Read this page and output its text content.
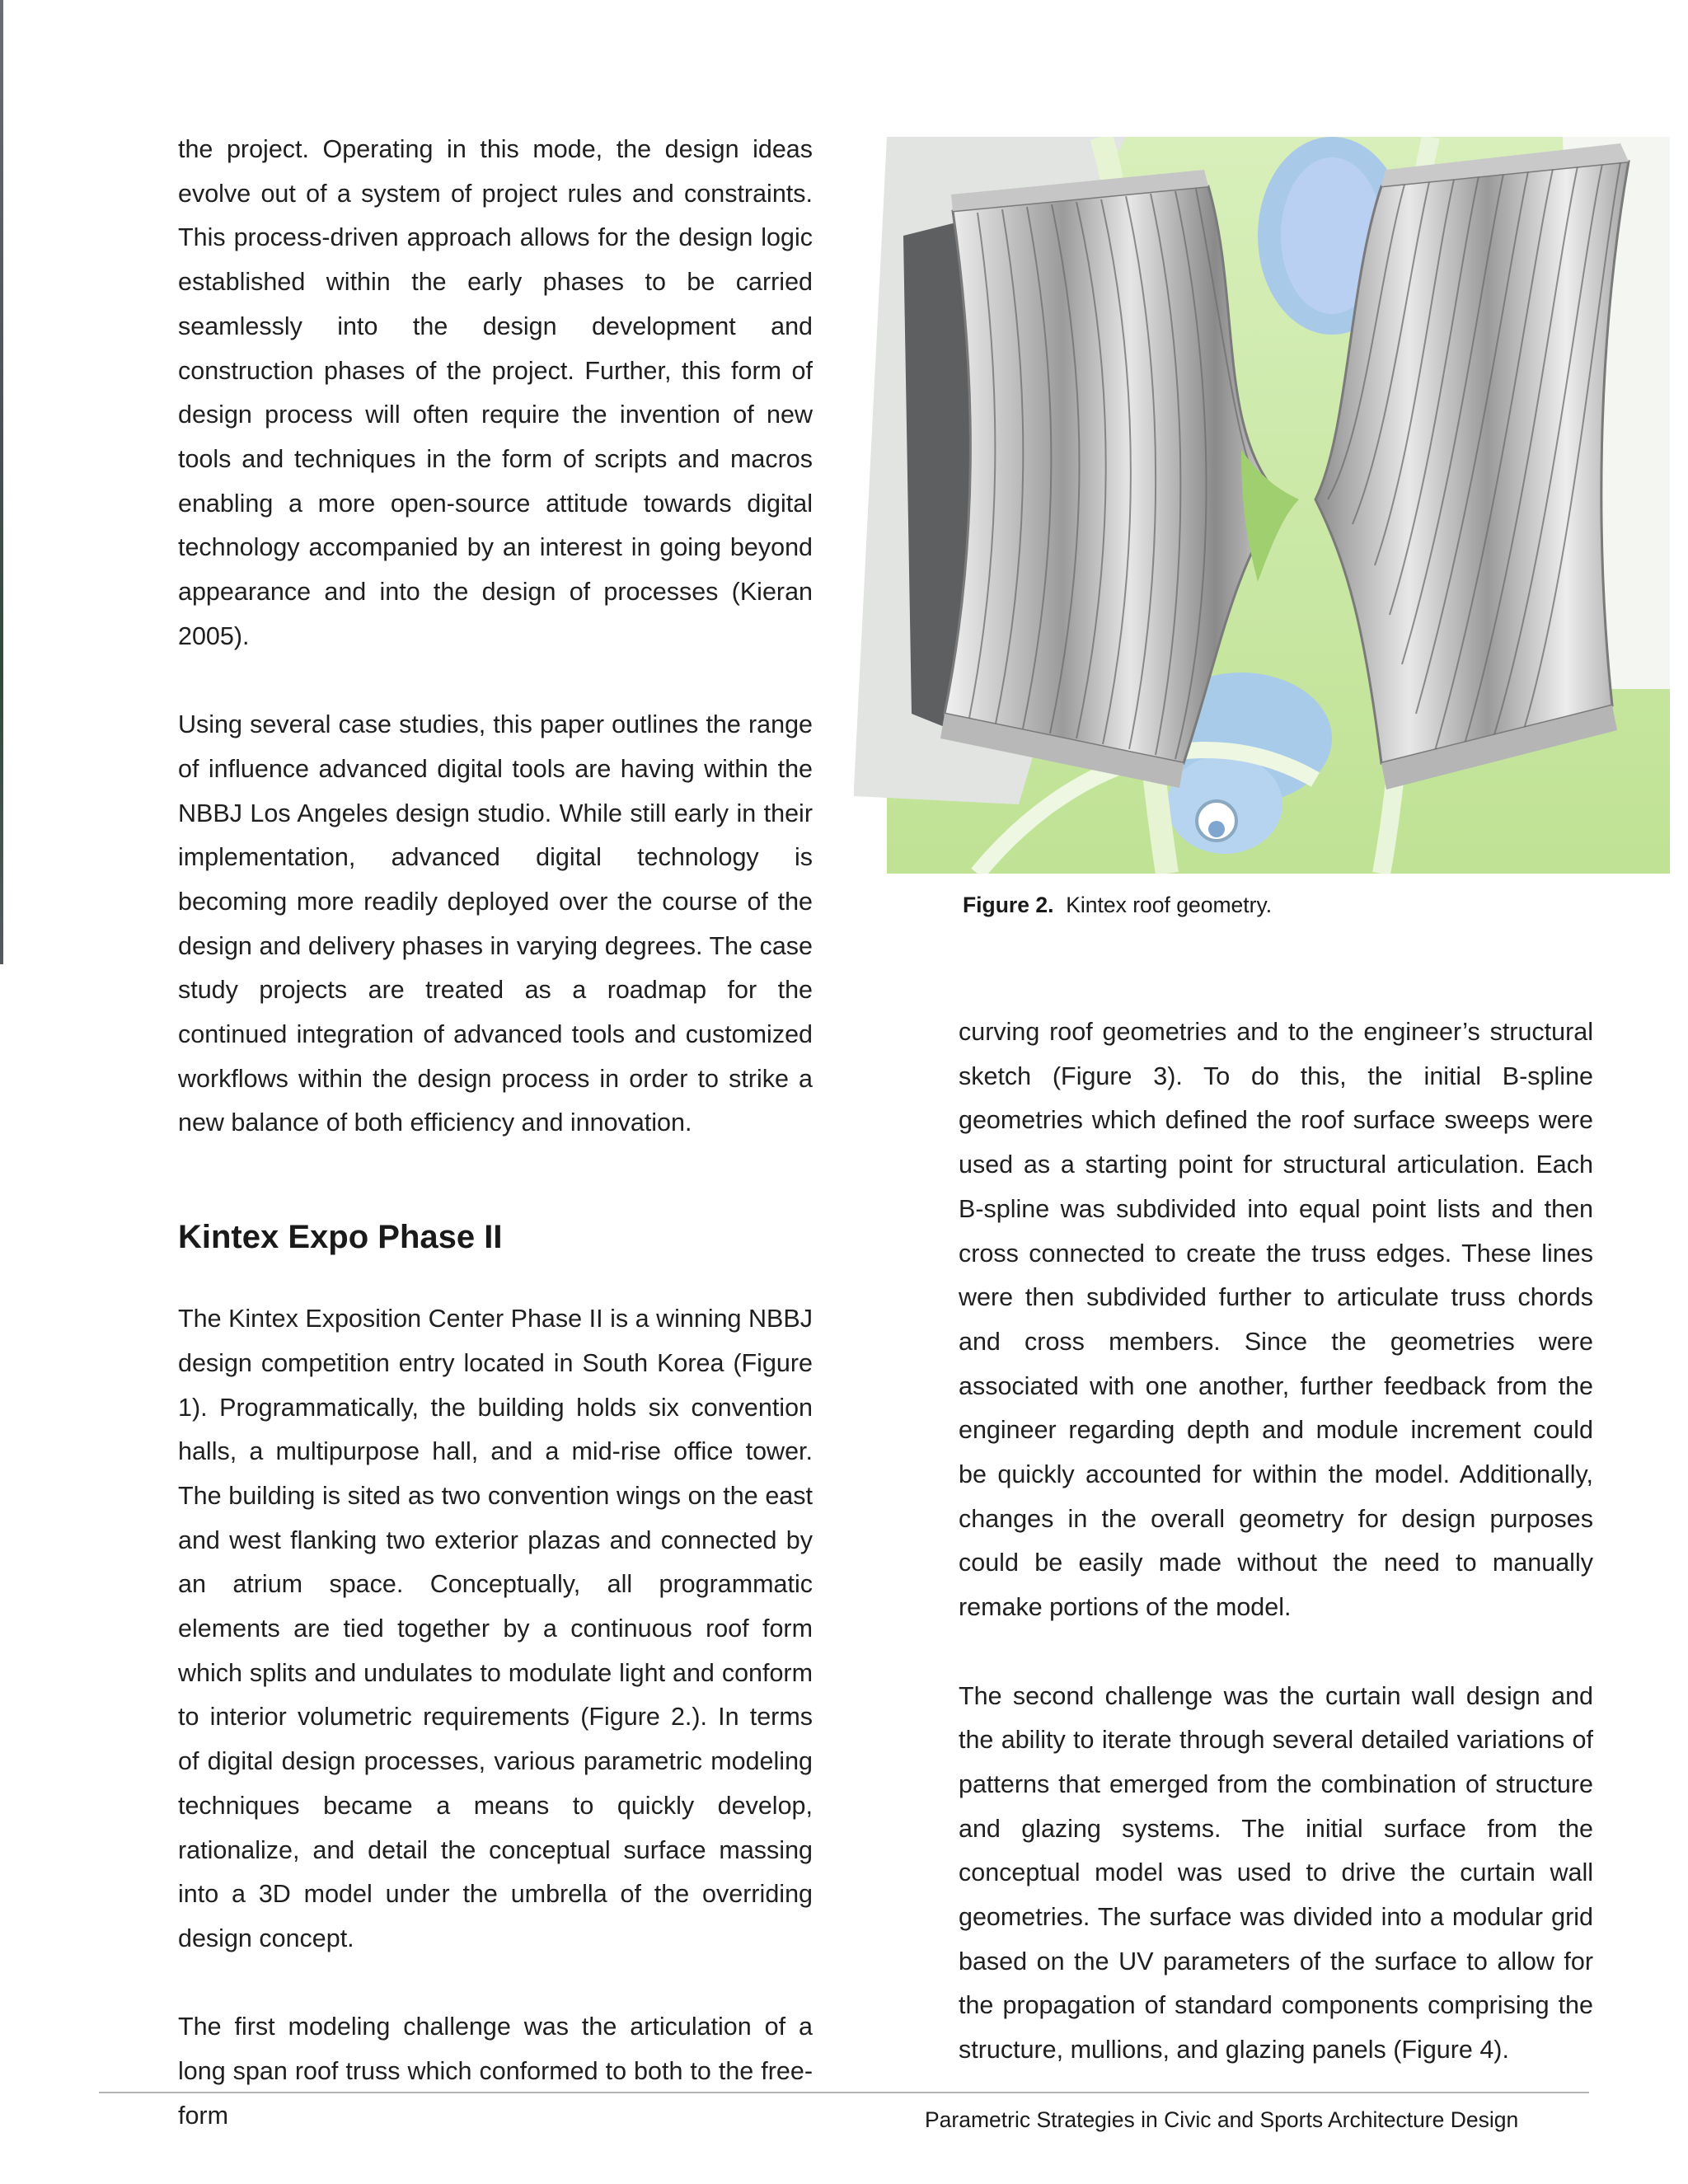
the project. Operating in this mode, the design ideas evolve out of a system of project rules and constraints. This process-driven approach allows for the design logic established within the early phases to be carried seamlessly into the design development and construction phases of the project. Further, this form of design process will often require the invention of new tools and techniques in the form of scripts and macros enabling a more open-source attitude towards digital technology accompanied by an interest in going beyond appearance and into the design of processes (Kieran 2005).

Using several case studies, this paper outlines the range of influence advanced digital tools are having within the NBBJ Los Angeles design studio. While still early in their implementation, advanced digital technology is becoming more readily deployed over the course of the design and delivery phases in varying degrees. The case study projects are treated as a roadmap for the continued integration of advanced tools and customized workflows within the design process in order to strike a new balance of both efficiency and innovation.

Kintex Expo Phase II

The Kintex Exposition Center Phase II is a winning NBBJ design competition entry located in South Korea (Figure 1). Programmatically, the building holds six convention halls, a multipurpose hall, and a mid-rise office tower. The building is sited as two convention wings on the east and west flanking two exterior plazas and connected by an atrium space. Conceptually, all programmatic elements are tied together by a continuous roof form which splits and undulates to modulate light and conform to interior volumetric requirements (Figure 2.). In terms of digital design processes, various parametric modeling techniques became a means to quickly develop, rationalize, and detail the conceptual surface massing into a 3D model under the umbrella of the overriding design concept.

The first modeling challenge was the articulation of a long span roof truss which conformed to both to the free-form

Figure 2. Kintex roof geometry.

curving roof geometries and to the engineer’s structural sketch (Figure 3). To do this, the initial B-spline geometries which defined the roof surface sweeps were used as a starting point for structural articulation. Each B-spline was subdivided into equal point lists and then cross connected to create the truss edges. These lines were then subdivided further to articulate truss chords and cross members. Since the geometries were associated with one another, further feedback from the engineer regarding depth and module increment could be quickly accounted for within the model. Additionally, changes in the overall geometry for design purposes could be easily made without the need to manually remake portions of the model.

The second challenge was the curtain wall design and the ability to iterate through several detailed variations of patterns that emerged from the combination of structure and glazing systems. The initial surface from the conceptual model was used to drive the curtain wall geometries. The surface was divided into a modular grid based on the UV parameters of the surface to allow for the propagation of standard components comprising the structure, mullions, and glazing panels (Figure 4).

Parametric Strategies in Civic and Sports Architecture Design
